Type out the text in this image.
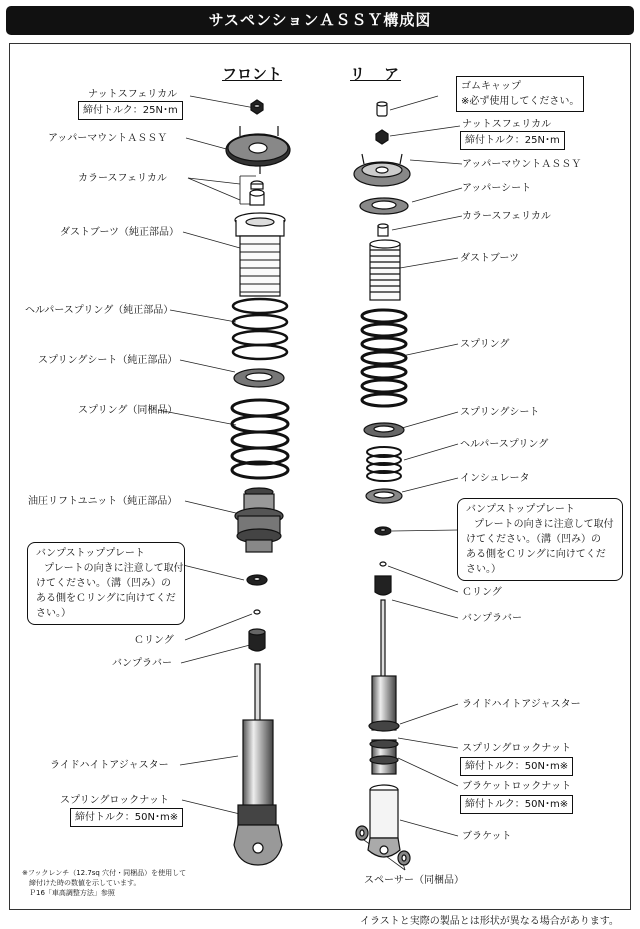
サスペンションＡＳＳＹ構成図
フロント	リ　ア
ナットスフェリカル
締付トルク：25N･m
アッパーマウントＡＳＳＹ
カラースフェリカル
ダストブーツ（純正部品）
ヘルパースプリング（純正部品）
スプリングシート（純正部品）
スプリング（同梱品）
油圧リフトユニット（純正部品）
バンプストッププレート
プレートの向きに注意して取付
けてください。（溝（凹み）の
ある側をＣリングに向けてくだ
さい。）
Ｃリング
バンプラバー
ライドハイトアジャスター
スプリングロックナット
締付トルク：50N･m※
※フックレンチ（12.7sq 穴付・同梱品）を使用して
　締付けた時の数値を示しています。
　Ｐ16「車高調整方法」参照
ゴムキャップ
※必ず使用してください。
ナットスフェリカル
締付トルク：25N･m
アッパーマウントＡＳＳＹ
アッパーシート
カラースフェリカル
ダストブーツ
スプリング
スプリングシート
ヘルパースプリング
インシュレータ
バンプストッププレート
プレートの向きに注意して取付
けてください。（溝（凹み）の
ある側をＣリングに向けてくだ
さい。）
Ｃリング
バンプラバー
ライドハイトアジャスター
スプリングロックナット
締付トルク：50N･m※
ブラケットロックナット
締付トルク：50N･m※
ブラケット
スペーサー（同梱品）
イラストと実際の製品とは形状が異なる場合があります。
